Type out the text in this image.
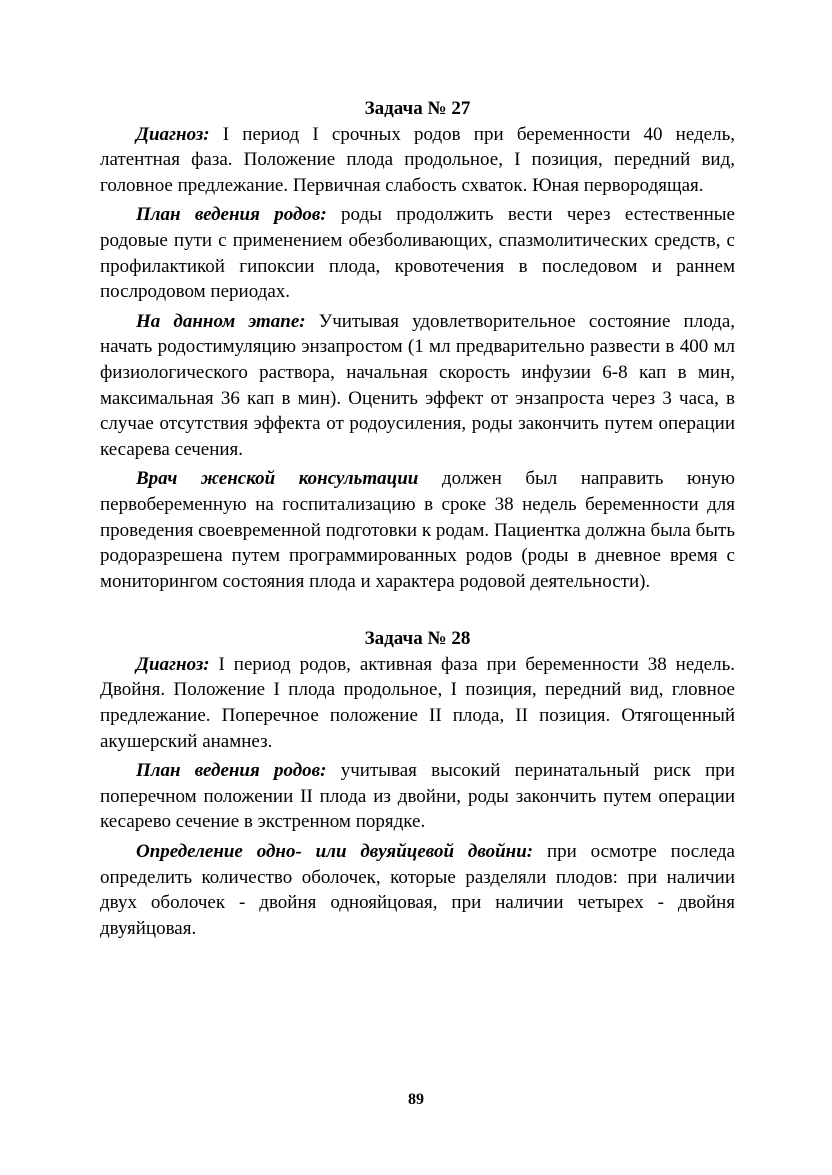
Задача № 27

Диагноз: I период I срочных родов при беременности 40 недель, латентная фаза. Положение плода продольное, I позиция, передний вид, головное предлежание. Первичная слабость схваток. Юная первородящая.

План ведения родов: роды продолжить вести через естественные родовые пути с применением обезболивающих, спазмолитических средств, с профилактикой гипоксии плода, кровотечения в последовом и раннем послродовом периодах.

На данном этапе: Учитывая удовлетворительное состояние плода, начать родостимуляцию энзапростом (1 мл предварительно развести в 400 мл физиологического раствора, начальная скорость инфузии 6-8 кап в мин, максимальная 36 кап в мин). Оценить эффект от энзапроста через 3 часа, в случае отсутствия эффекта от родоусиления, роды закончить путем операции кесарева сечения.

Врач женской консультации должен был направить юную первобеременную на госпитализацию в сроке 38 недель беременности для проведения своевременной подготовки к родам. Пациентка должна была быть родоразрешена путем программированных родов (роды в дневное время с мониторингом состояния плода и характера родовой деятельности).

Задача № 28

Диагноз: I период родов, активная фаза при беременности 38 недель. Двойня. Положение I плода продольное, I позиция, передний вид, гловное предлежание. Поперечное положение II плода, II позиция. Отягощенный акушерский анамнез.

План ведения родов: учитывая высокий перинатальный риск при поперечном положении II плода из двойни, роды закончить путем операции кесарево сечение в экстренном порядке.

Определение одно- или двуяйцевой двойни: при осмотре последа определить количество оболочек, которые разделяли плодов: при наличии двух оболочек - двойня однояйцовая, при наличии четырех - двойня двуяйцовая.

89
